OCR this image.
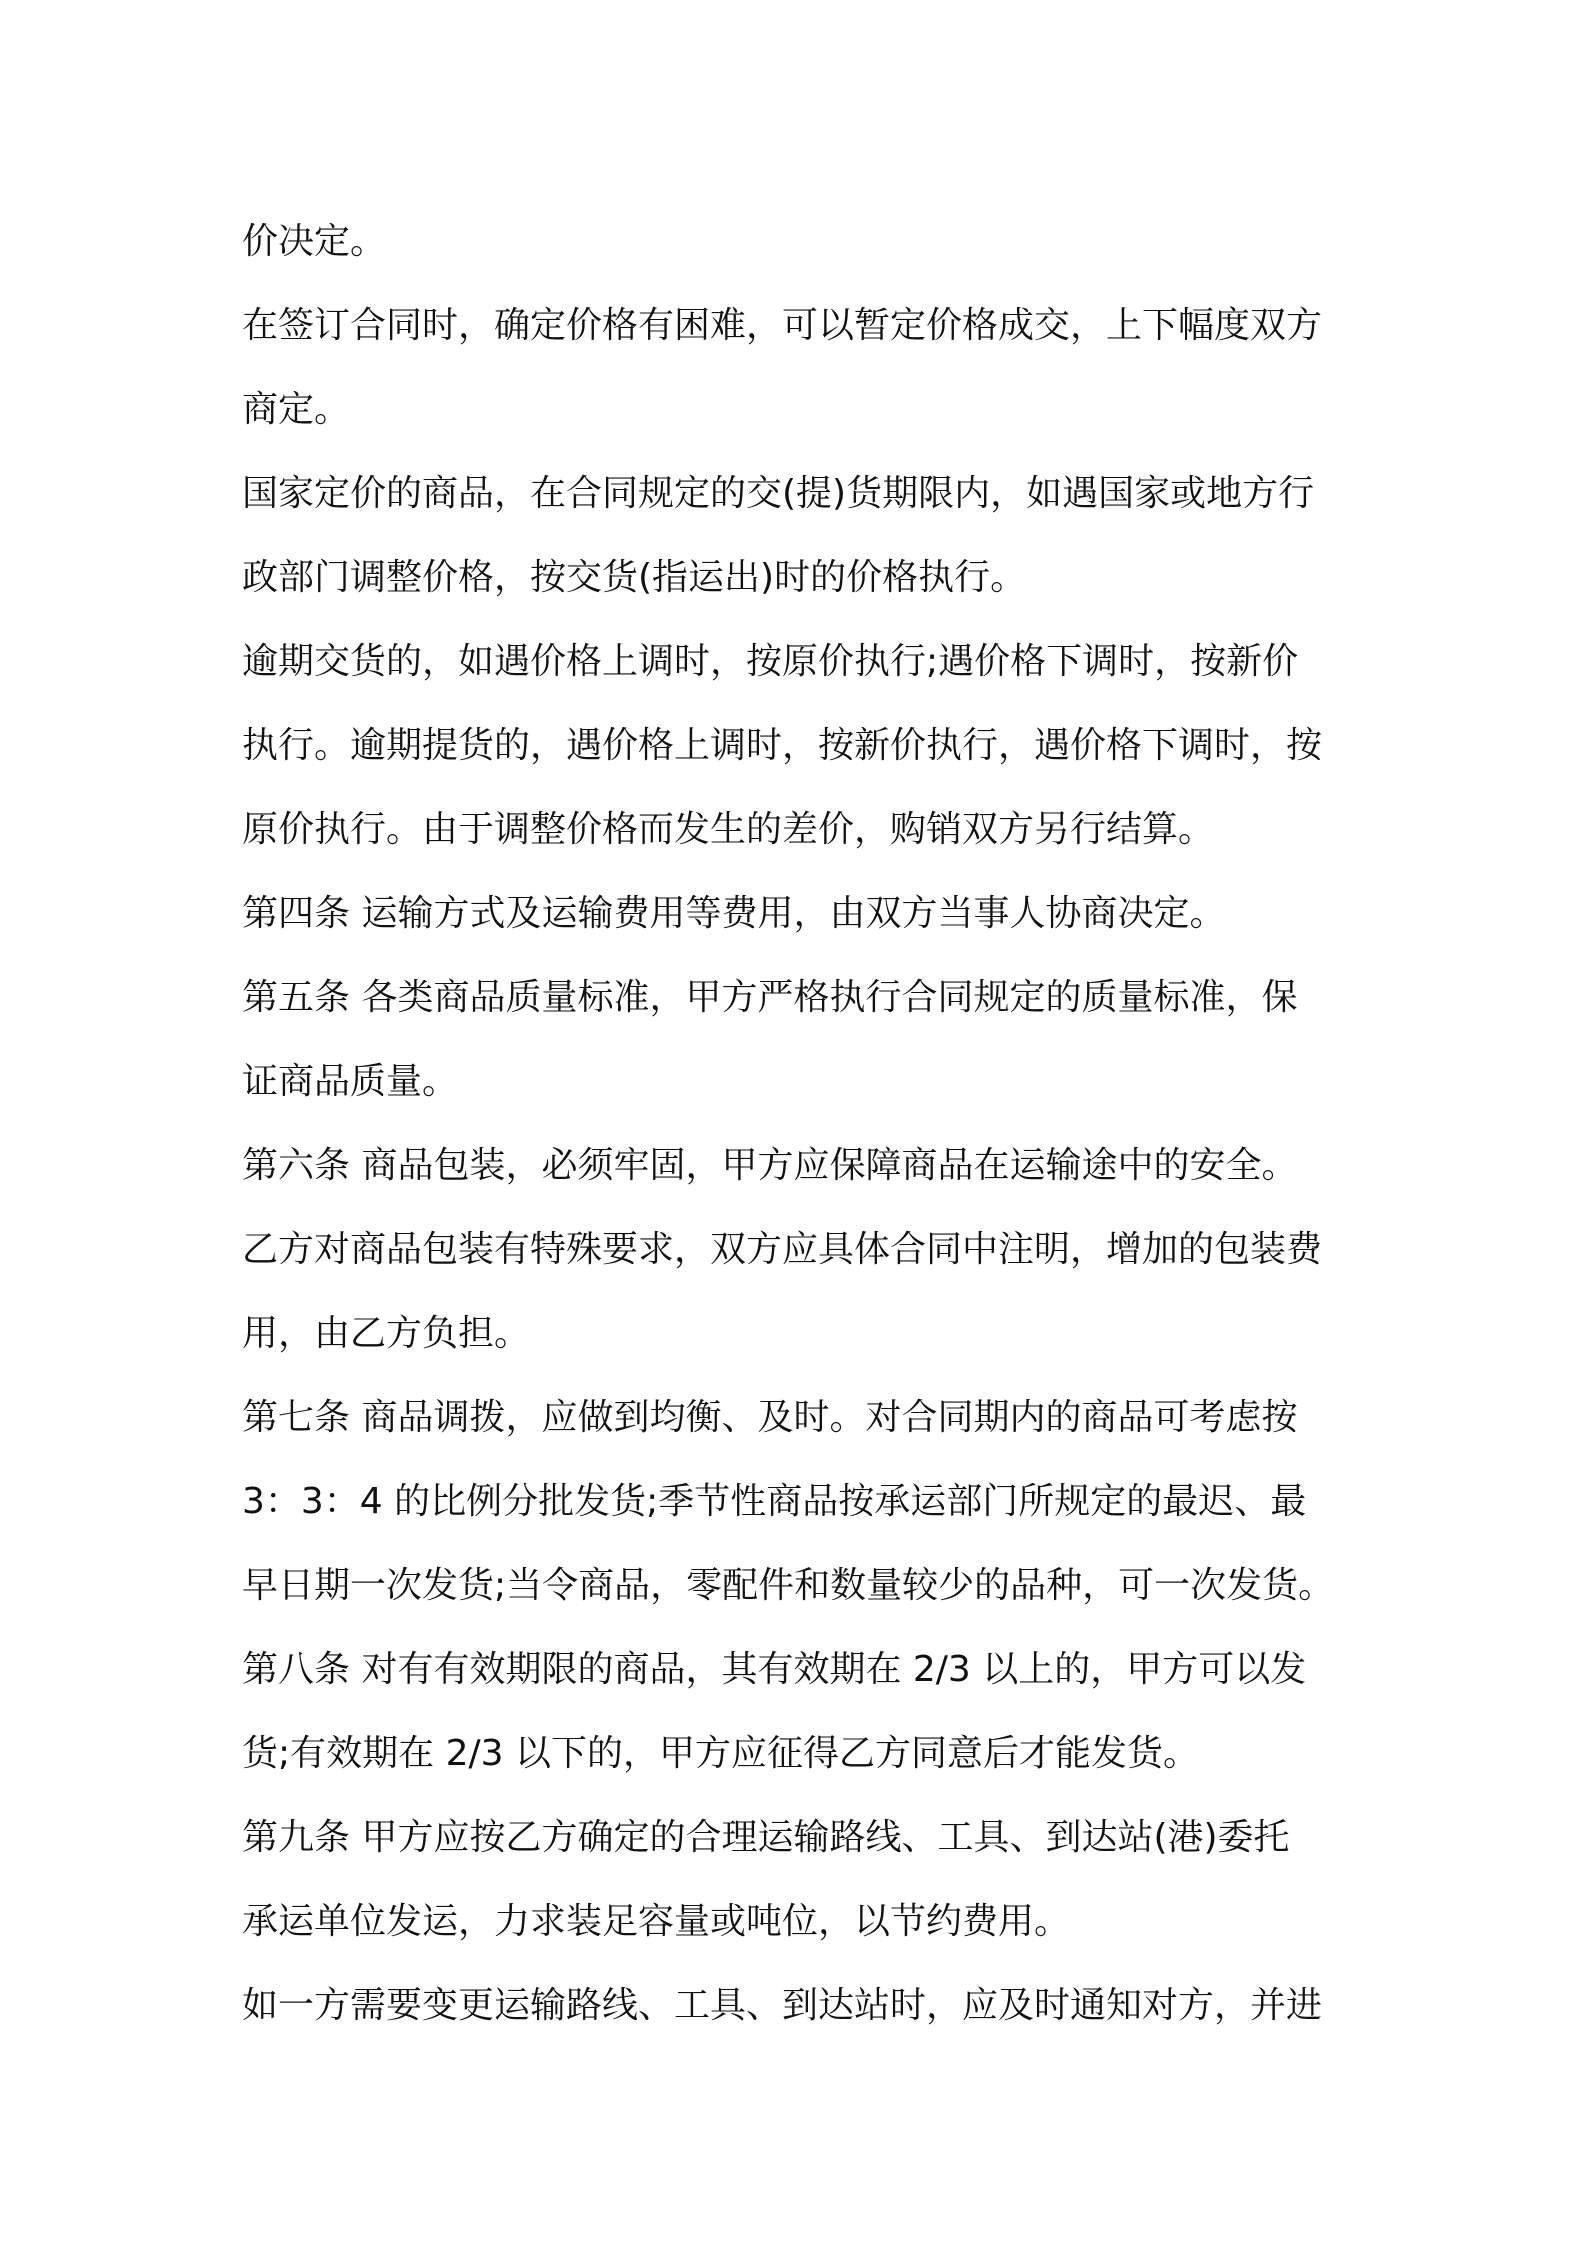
价决定。
在签订合同时，确定价格有困难，可以暂定价格成交，上下幅度双方
商定。
国家定价的商品，在合同规定的交(提)货期限内，如遇国家或地方行
政部门调整价格，按交货(指运出)时的价格执行。
逾期交货的，如遇价格上调时，按原价执行;遇价格下调时，按新价
执行。逾期提货的，遇价格上调时，按新价执行，遇价格下调时，按
原价执行。由于调整价格而发生的差价，购销双方另行结算。
第四条 运输方式及运输费用等费用，由双方当事人协商决定。
第五条 各类商品质量标准，甲方严格执行合同规定的质量标准，保
证商品质量。
第六条 商品包装，必须牢固，甲方应保障商品在运输途中的安全。
乙方对商品包装有特殊要求，双方应具体合同中注明，增加的包装费
用，由乙方负担。
第七条 商品调拨，应做到均衡、及时。对合同期内的商品可考虑按
3：3：4 的比例分批发货;季节性商品按承运部门所规定的最迟、最
早日期一次发货;当令商品，零配件和数量较少的品种，可一次发货。
第八条 对有有效期限的商品，其有效期在 2/3 以上的，甲方可以发
货;有效期在 2/3 以下的，甲方应征得乙方同意后才能发货。
第九条 甲方应按乙方确定的合理运输路线、工具、到达站(港)委托
承运单位发运，力求装足容量或吨位，以节约费用。
如一方需要变更运输路线、工具、到达站时，应及时通知对方，并进
